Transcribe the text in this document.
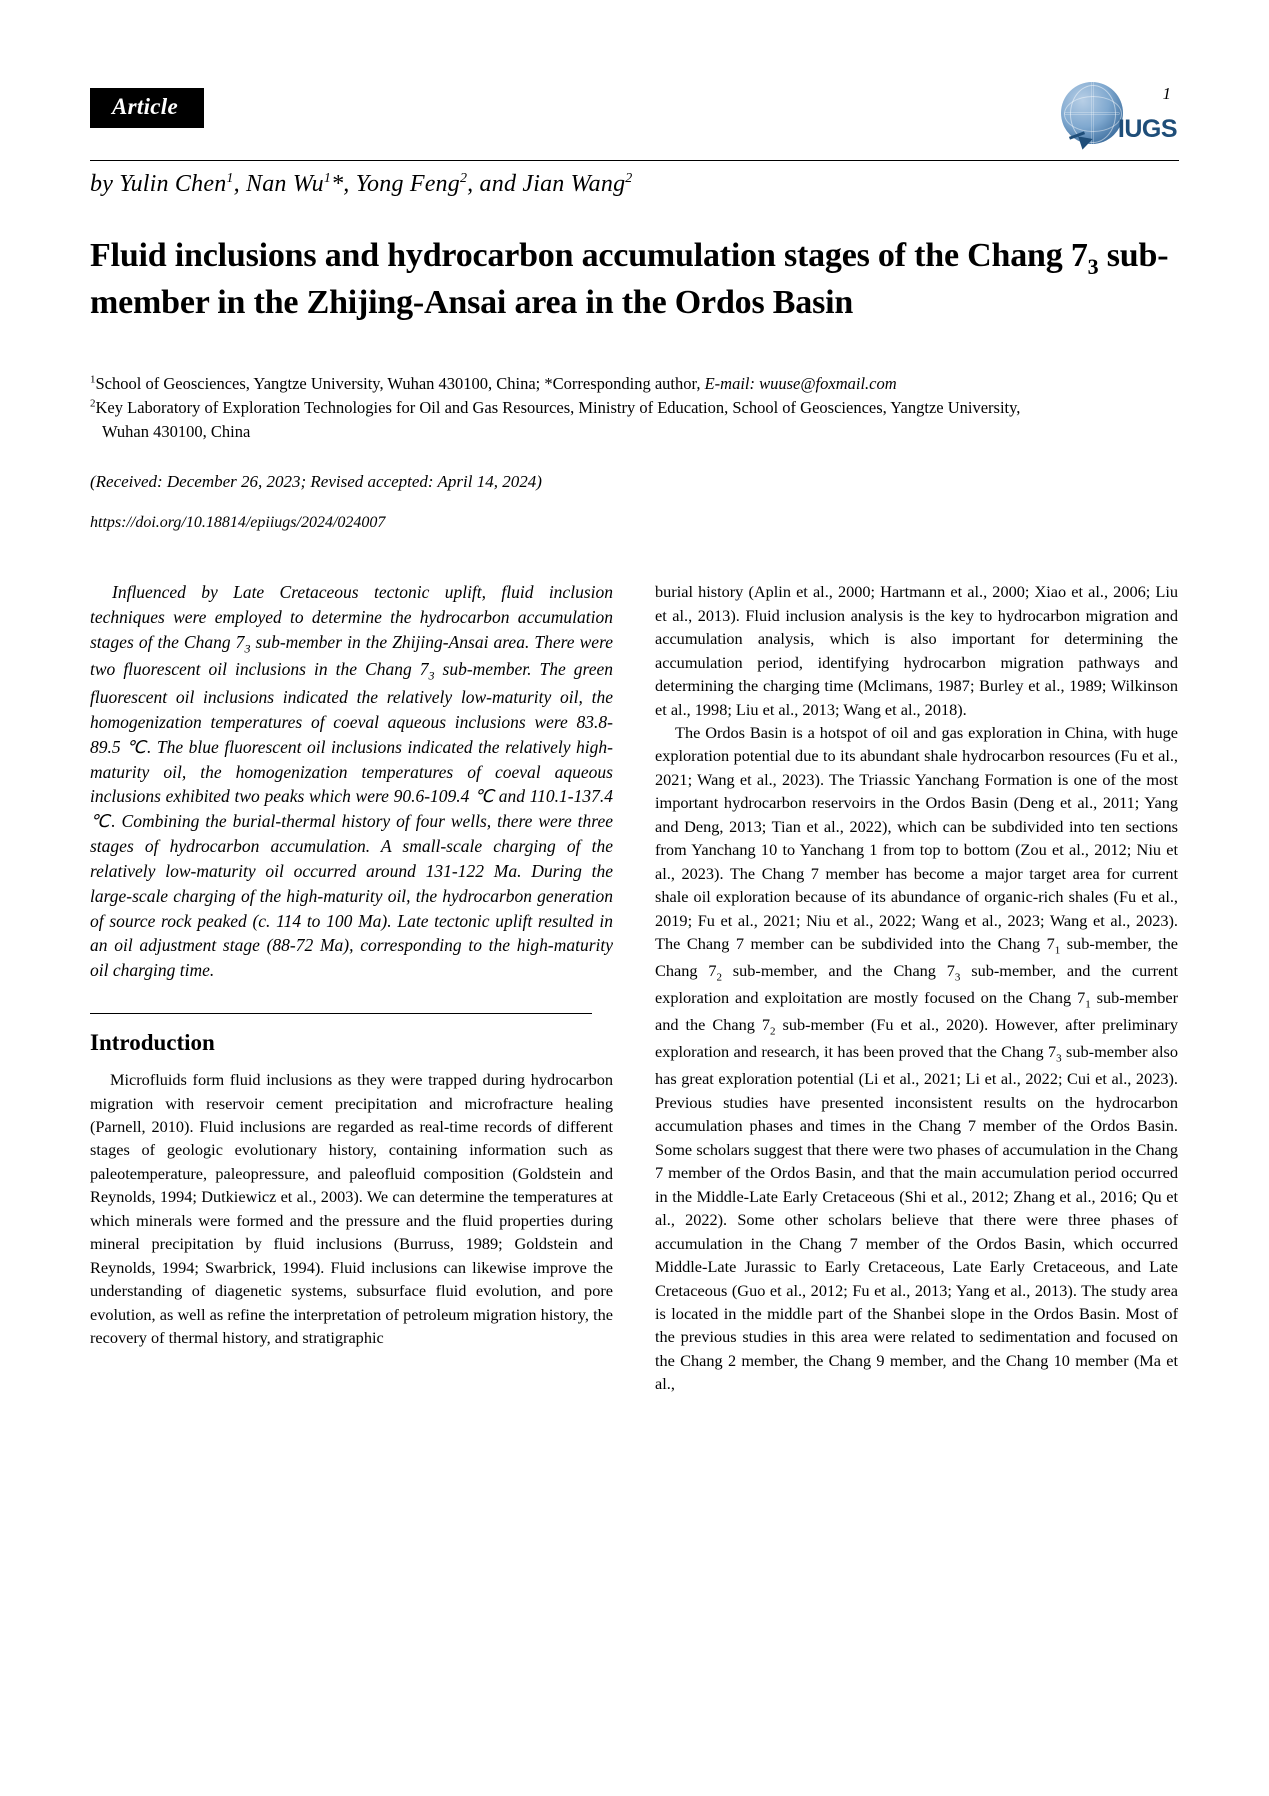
Article
1
IUGS
by Yulin Chen$^1$, Nan Wu$^1$*, Yong Feng$^2$, and Jian Wang$^2$
Fluid inclusions and hydrocarbon accumulation stages of the Chang $7_3$ sub-member in the Zhijing-Ansai area in the Ordos Basin
$^1$School of Geosciences, Yangtze University, Wuhan 430100, China; *Corresponding author, E-mail: wuuse@foxmail.com
$^2$Key Laboratory of Exploration Technologies for Oil and Gas Resources, Ministry of Education, School of Geosciences, Yangtze University,
Wuhan 430100, China
(Received: December 26, 2023; Revised accepted: April 14, 2024)
https://doi.org/10.18814/epiiugs/2024/024007
Influenced by Late Cretaceous tectonic uplift, fluid inclusion techniques were employed to determine the hydrocarbon accumulation stages of the Chang $7_3$ sub-member in the Zhijing-Ansai area. There were two fluorescent oil inclusions in the Chang $7_3$ sub-member. The green fluorescent oil inclusions indicated the relatively low-maturity oil, the homogenization temperatures of coeval aqueous inclusions were 83.8-89.5 ℃. The blue fluorescent oil inclusions indicated the relatively high-maturity oil, the homogenization temperatures of coeval aqueous inclusions exhibited two peaks which were 90.6-109.4 ℃ and 110.1-137.4 ℃. Combining the burial-thermal history of four wells, there were three stages of hydrocarbon accumulation. A small-scale charging of the relatively low-maturity oil occurred around 131-122 Ma. During the large-scale charging of the high-maturity oil, the hydrocarbon generation of source rock peaked (c. 114 to 100 Ma). Late tectonic uplift resulted in an oil adjustment stage (88-72 Ma), corresponding to the high-maturity oil charging time.
Introduction
Microfluids form fluid inclusions as they were trapped during hydrocarbon migration with reservoir cement precipitation and microfracture healing (Parnell, 2010). Fluid inclusions are regarded as real-time records of different stages of geologic evolutionary history, containing information such as paleotemperature, paleopressure, and paleofluid composition (Goldstein and Reynolds, 1994; Dutkiewicz et al., 2003). We can determine the temperatures at which minerals were formed and the pressure and the fluid properties during mineral precipitation by fluid inclusions (Burruss, 1989; Goldstein and Reynolds, 1994; Swarbrick, 1994). Fluid inclusions can likewise improve the understanding of diagenetic systems, subsurface fluid evolution, and pore evolution, as well as refine the interpretation of petroleum migration history, the recovery of thermal history, and stratigraphic
burial history (Aplin et al., 2000; Hartmann et al., 2000; Xiao et al., 2006; Liu et al., 2013). Fluid inclusion analysis is the key to hydrocarbon migration and accumulation analysis, which is also important for determining the accumulation period, identifying hydrocarbon migration pathways and determining the charging time (Mclimans, 1987; Burley et al., 1989; Wilkinson et al., 1998; Liu et al., 2013; Wang et al., 2018).
The Ordos Basin is a hotspot of oil and gas exploration in China, with huge exploration potential due to its abundant shale hydrocarbon resources (Fu et al., 2021; Wang et al., 2023). The Triassic Yanchang Formation is one of the most important hydrocarbon reservoirs in the Ordos Basin (Deng et al., 2011; Yang and Deng, 2013; Tian et al., 2022), which can be subdivided into ten sections from Yanchang 10 to Yanchang 1 from top to bottom (Zou et al., 2012; Niu et al., 2023). The Chang 7 member has become a major target area for current shale oil exploration because of its abundance of organic-rich shales (Fu et al., 2019; Fu et al., 2021; Niu et al., 2022; Wang et al., 2023; Wang et al., 2023). The Chang 7 member can be subdivided into the Chang $7_1$ sub-member, the Chang $7_2$ sub-member, and the Chang $7_3$ sub-member, and the current exploration and exploitation are mostly focused on the Chang $7_1$ sub-member and the Chang $7_2$ sub-member (Fu et al., 2020). However, after preliminary exploration and research, it has been proved that the Chang $7_3$ sub-member also has great exploration potential (Li et al., 2021; Li et al., 2022; Cui et al., 2023). Previous studies have presented inconsistent results on the hydrocarbon accumulation phases and times in the Chang 7 member of the Ordos Basin. Some scholars suggest that there were two phases of accumulation in the Chang 7 member of the Ordos Basin, and that the main accumulation period occurred in the Middle-Late Early Cretaceous (Shi et al., 2012; Zhang et al., 2016; Qu et al., 2022). Some other scholars believe that there were three phases of accumulation in the Chang 7 member of the Ordos Basin, which occurred Middle-Late Jurassic to Early Cretaceous, Late Early Cretaceous, and Late Cretaceous (Guo et al., 2012; Fu et al., 2013; Yang et al., 2013). The study area is located in the middle part of the Shanbei slope in the Ordos Basin. Most of the previous studies in this area were related to sedimentation and focused on the Chang 2 member, the Chang 9 member, and the Chang 10 member (Ma et al.,
